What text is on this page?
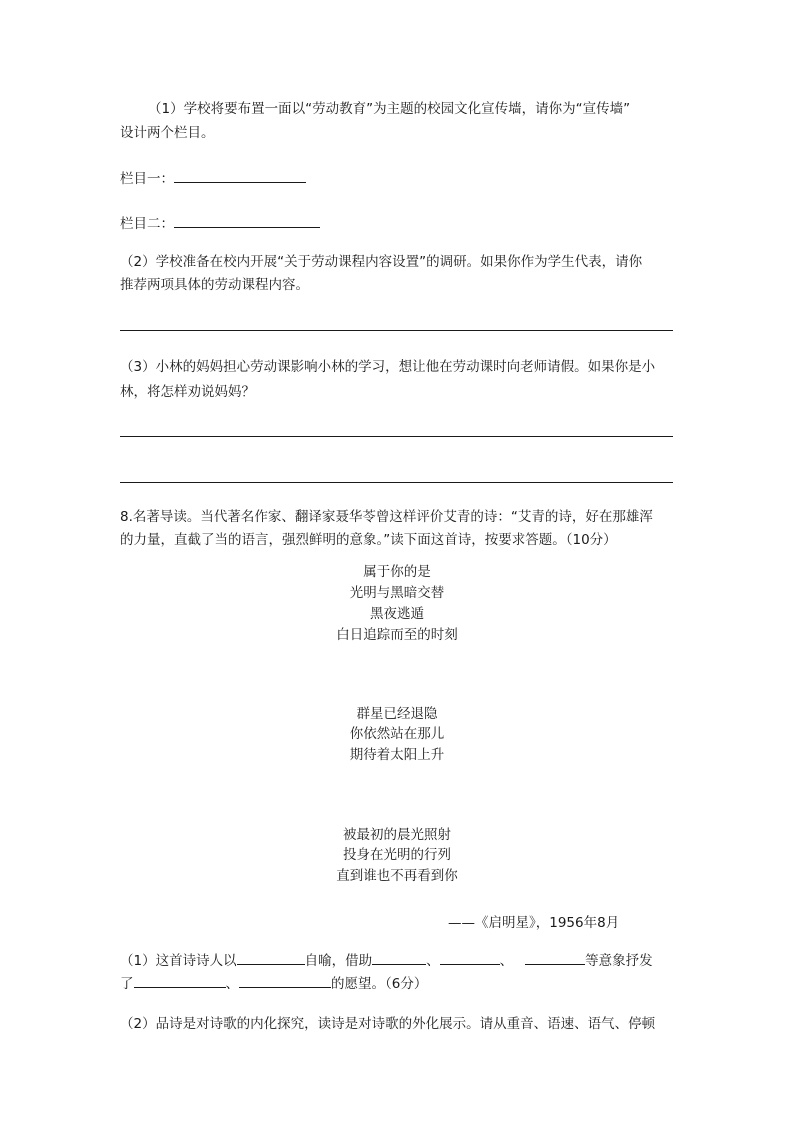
（1）学校将要布置一面以“劳动教育”为主题的校园文化宣传墙，请你为“宣传墙”
设计两个栏目。
栏目一：
栏目二：
（2）学校准备在校内开展“关于劳动课程内容设置”的调研。如果你作为学生代表，请你
推荐两项具体的劳动课程内容。
（3）小林的妈妈担心劳动课影响小林的学习，想让他在劳动课时向老师请假。如果你是小
林，将怎样劝说妈妈？
8.名著导读。当代著名作家、翻译家聂华苓曾这样评价艾青的诗：“艾青的诗，好在那雄浑
的力量，直截了当的语言，强烈鲜明的意象。”读下面这首诗，按要求答题。（10分）
属于你的是
光明与黑暗交替
黑夜逃遁
白日追踪而至的时刻
群星已经退隐
你依然站在那儿
期待着太阳上升
被最初的晨光照射
投身在光明的行列
直到谁也不再看到你
——《启明星》，1956年8月
（1）这首诗诗人以	自喻，借助	、	、	等意象抒发
了	、	的愿望。（6分）
（2）品诗是对诗歌的内化探究，读诗是对诗歌的外化展示。请从重音、语速、语气、停顿
